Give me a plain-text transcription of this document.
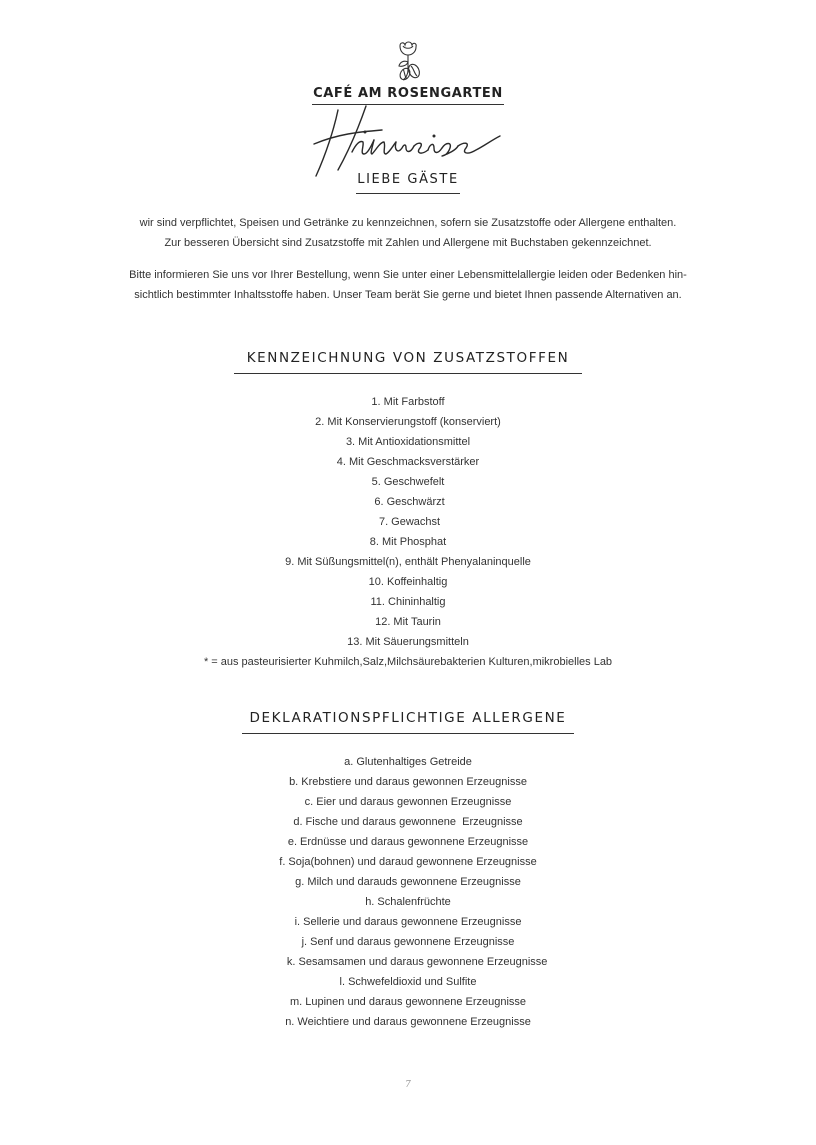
CAFÉ AM ROSENGARTEN
LIEBE GÄSTE

wir sind verpflichtet, Speisen und Getränke zu kennzeichnen, sofern sie Zusatzstoffe oder Allergene enthalten.

Zur besseren Übersicht sind Zusatzstoffe mit Zahlen und Allergene mit Buchstaben gekennzeichnet.

Bitte informieren Sie uns vor Ihrer Bestellung, wenn Sie unter einer Lebensmittelallergie leiden oder Bedenken hin-

sichtlich bestimmter Inhaltsstoffe haben. Unser Team berät Sie gerne und bietet Ihnen passende Alternativen an.

KENNZEICHNUNG VON ZUSATZSTOFFEN
1. Mit Farbstoff
2. Mit Konservierungstoff (konserviert)
3. Mit Antioxidationsmittel
4. Mit Geschmacksverstärker
5. Geschwefelt
6. Geschwärzt
7. Gewachst
8. Mit Phosphat
9. Mit Süßungsmittel(n), enthält Phenyalaninquelle
10. Koffeinhaltig
11. Chininhaltig
12. Mit Taurin
13. Mit Säuerungsmitteln
* = aus pasteurisierter Kuhmilch,Salz,Milchsäurebakterien Kulturen,mikrobielles Lab
DEKLARATIONSPFLICHTIGE ALLERGENE
a. Glutenhaltiges Getreide
b. Krebstiere und daraus gewonnen Erzeugnisse
c. Eier und daraus gewonnen Erzeugnisse
d. Fische und daraus gewonnene  Erzeugnisse
e. Erdnüsse und daraus gewonnene Erzeugnisse
f. Soja(bohnen) und daraud gewonnene Erzeugnisse
g. Milch und darauds gewonnene Erzeugnisse
h. Schalenfrüchte
i. Sellerie und daraus gewonnene Erzeugnisse
j. Senf und daraus gewonnene Erzeugnisse
k. Sesamsamen und daraus gewonnene Erzeugnisse
l. Schwefeldioxid und Sulfite
m. Lupinen und daraus gewonnene Erzeugnisse
n. Weichtiere und daraus gewonnene Erzeugnisse
7
